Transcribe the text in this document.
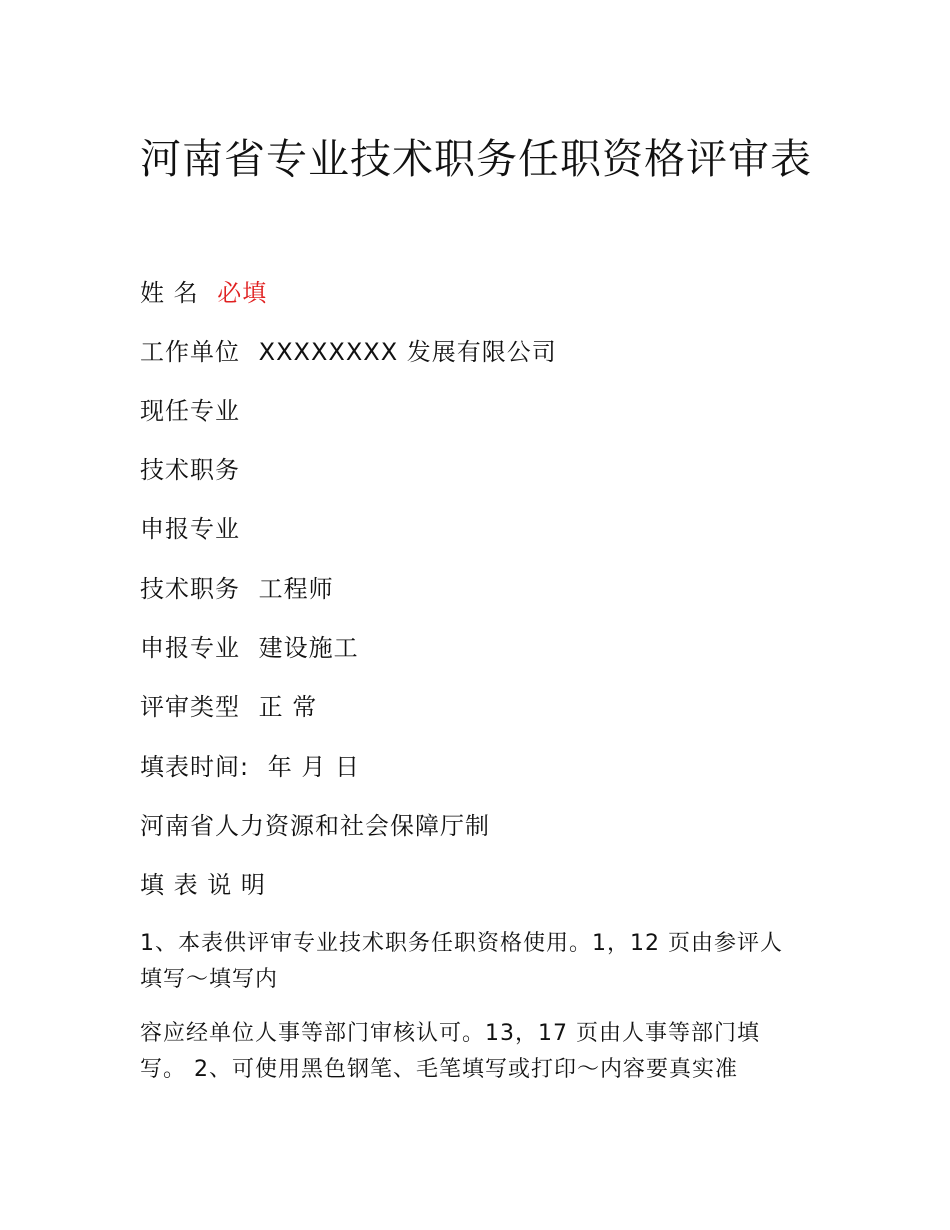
河南省专业技术职务任职资格评审表
姓 名 必填
工作单位 XXXXXXXX 发展有限公司
现任专业
技术职务
申报专业
技术职务 工程师
申报专业 建设施工
评审类型 正 常
填表时间: 年 月 日
河南省人力资源和社会保障厅制
填 表 说 明

1、本表供评审专业技术职务任职资格使用。1，12 页由参评人填写～填写内

容应经单位人事等部门审核认可。13，17 页由人事等部门填写。 2、可使用黑色钢笔、毛笔填写或打印～内容要真实准
